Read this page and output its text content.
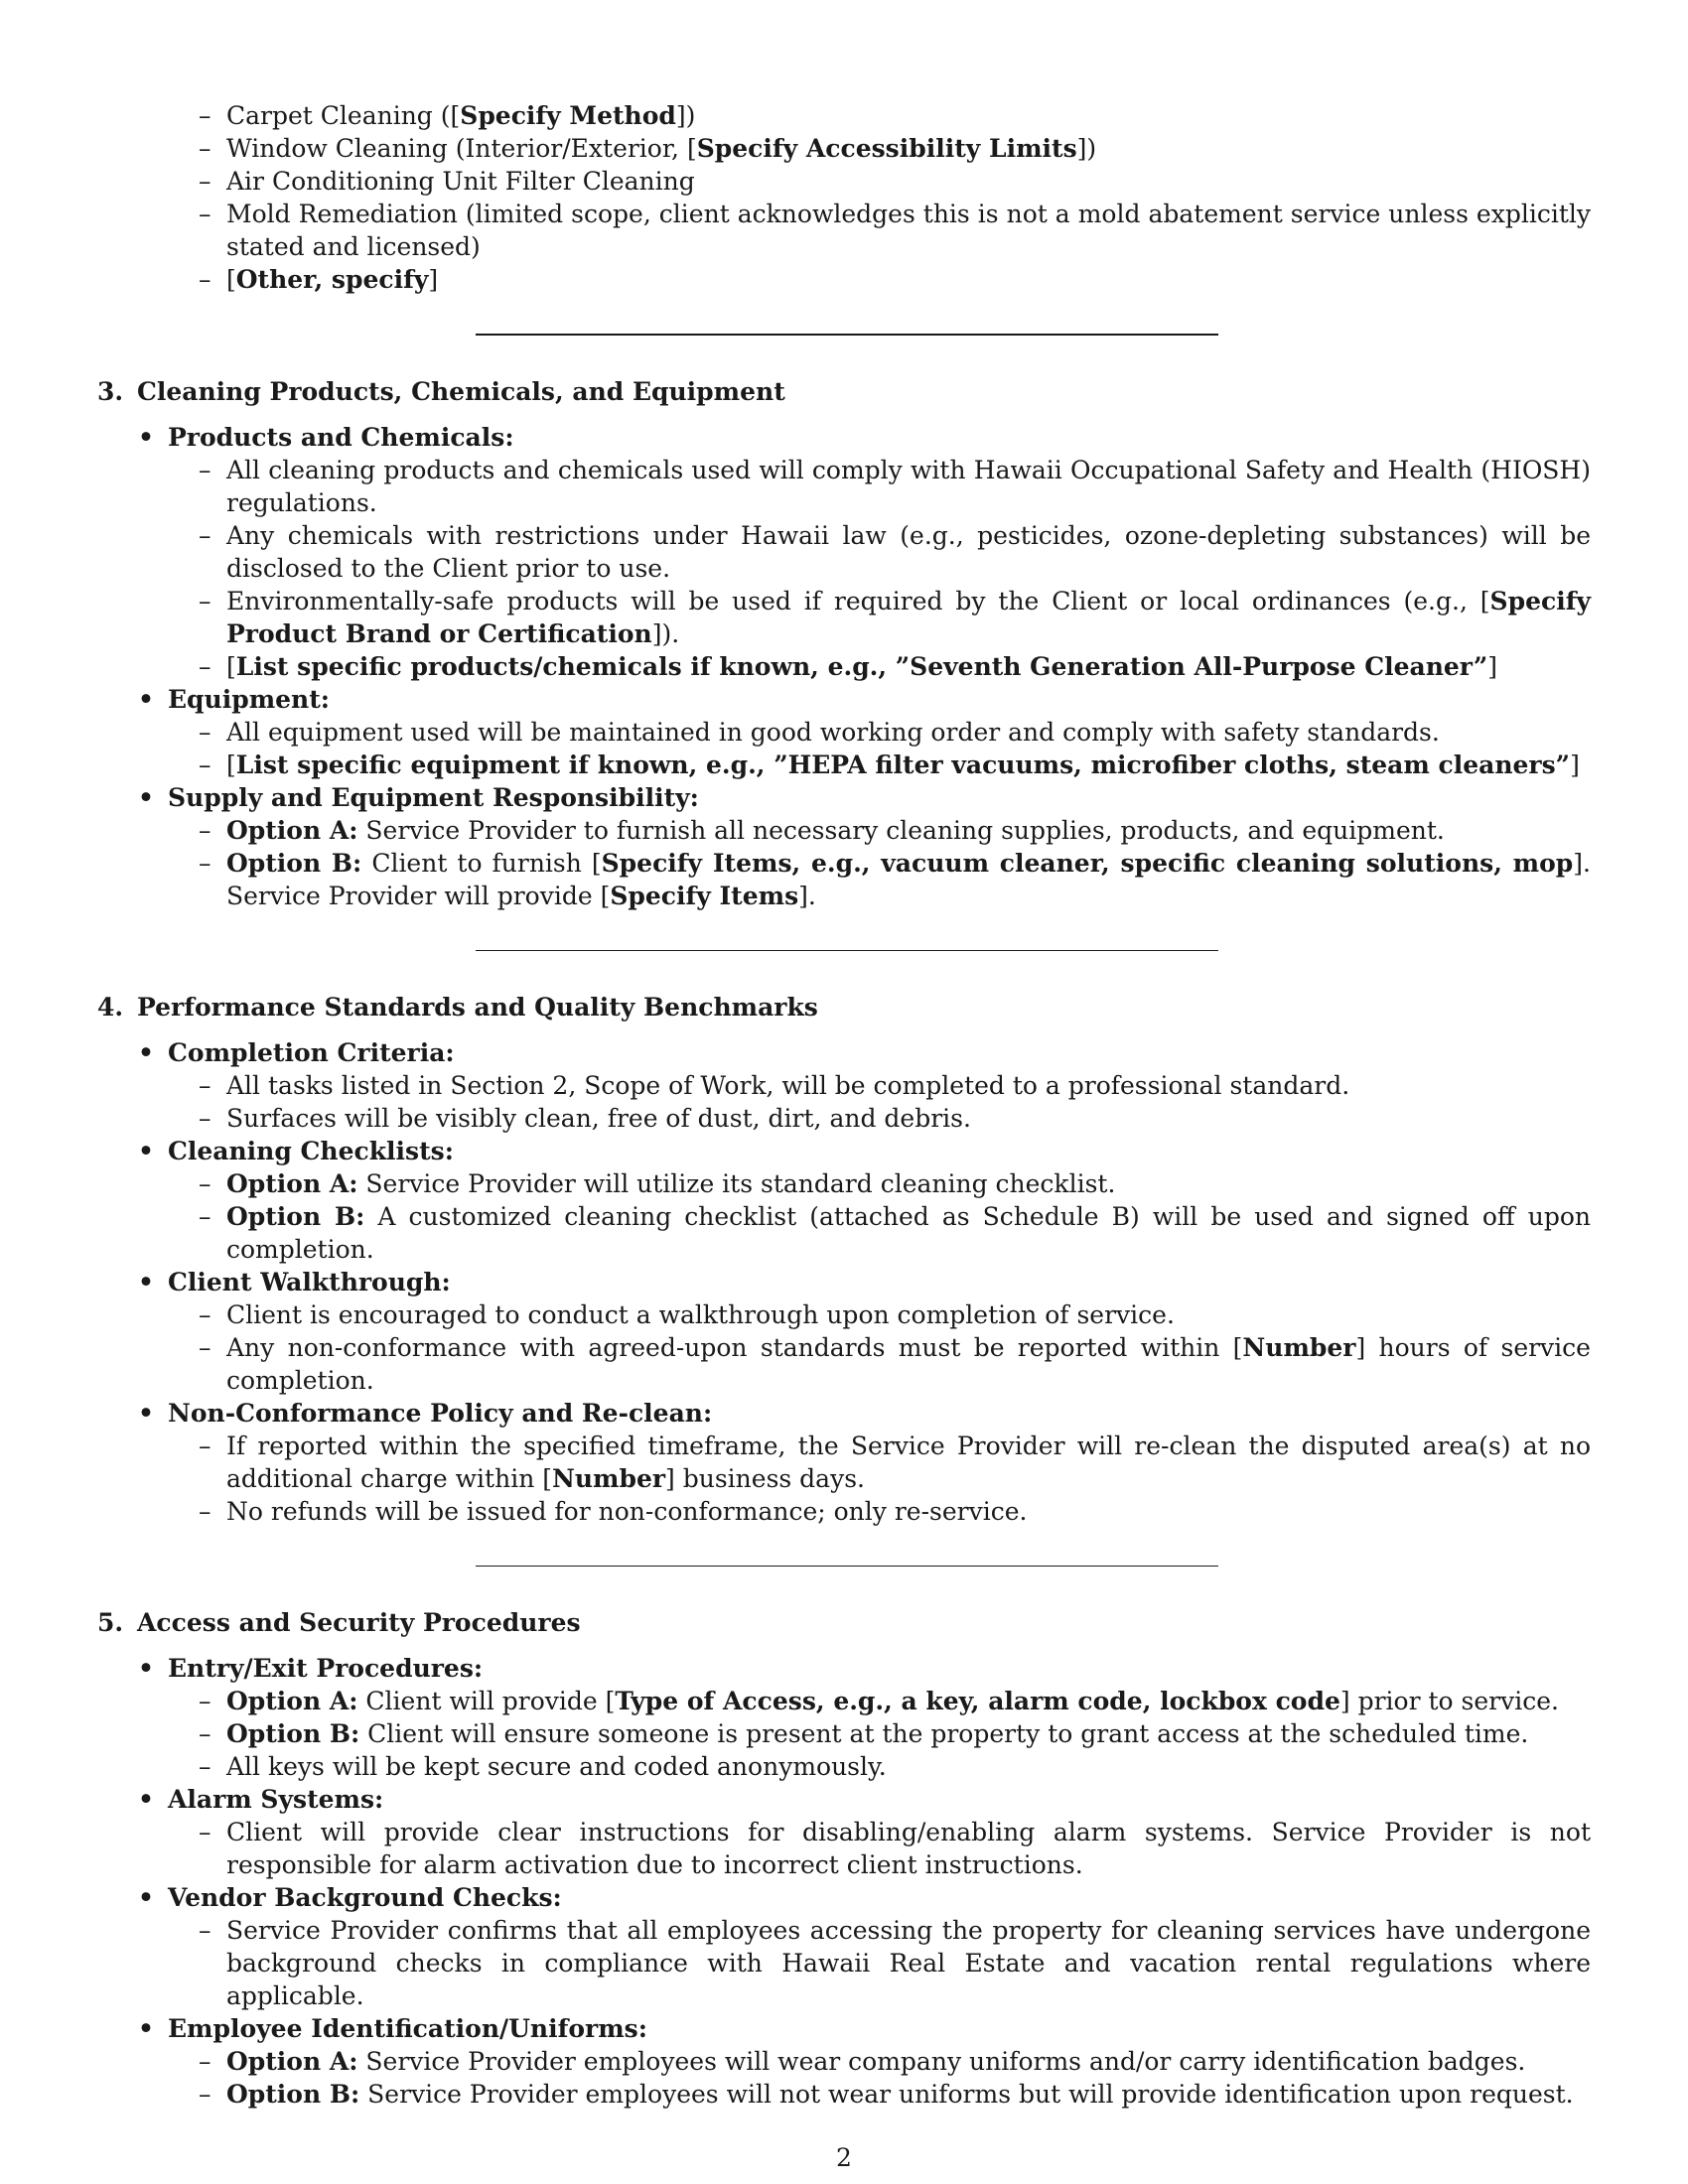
– Carpet Cleaning ([Specify Method])
– Window Cleaning (Interior/Exterior, [Specify Accessibility Limits])
– Air Conditioning Unit Filter Cleaning
– Mold Remediation (limited scope, client acknowledges this is not a mold abatement service unless explicitly stated and licensed)
– [Other, specify]
3. Cleaning Products, Chemicals, and Equipment
• Products and Chemicals:
– All cleaning products and chemicals used will comply with Hawaii Occupational Safety and Health (HIOSH) regulations.
– Any chemicals with restrictions under Hawaii law (e.g., pesticides, ozone-depleting substances) will be disclosed to the Client prior to use.
– Environmentally-safe products will be used if required by the Client or local ordinances (e.g., [Specify Product Brand or Certification]).
– [List specific products/chemicals if known, e.g., ”Seventh Generation All-Purpose Cleaner”]
• Equipment:
– All equipment used will be maintained in good working order and comply with safety standards.
– [List specific equipment if known, e.g., ”HEPA filter vacuums, microfiber cloths, steam cleaners”]
• Supply and Equipment Responsibility:
– Option A: Service Provider to furnish all necessary cleaning supplies, products, and equipment.
– Option B: Client to furnish [Specify Items, e.g., vacuum cleaner, specific cleaning solutions, mop]. Service Provider will provide [Specify Items].
4. Performance Standards and Quality Benchmarks
• Completion Criteria:
– All tasks listed in Section 2, Scope of Work, will be completed to a professional standard.
– Surfaces will be visibly clean, free of dust, dirt, and debris.
• Cleaning Checklists:
– Option A: Service Provider will utilize its standard cleaning checklist.
– Option B: A customized cleaning checklist (attached as Schedule B) will be used and signed off upon completion.
• Client Walkthrough:
– Client is encouraged to conduct a walkthrough upon completion of service.
– Any non-conformance with agreed-upon standards must be reported within [Number] hours of service completion.
• Non-Conformance Policy and Re-clean:
– If reported within the specified timeframe, the Service Provider will re-clean the disputed area(s) at no additional charge within [Number] business days.
– No refunds will be issued for non-conformance; only re-service.
5. Access and Security Procedures
• Entry/Exit Procedures:
– Option A: Client will provide [Type of Access, e.g., a key, alarm code, lockbox code] prior to service.
– Option B: Client will ensure someone is present at the property to grant access at the scheduled time.
– All keys will be kept secure and coded anonymously.
• Alarm Systems:
– Client will provide clear instructions for disabling/enabling alarm systems. Service Provider is not responsible for alarm activation due to incorrect client instructions.
• Vendor Background Checks:
– Service Provider confirms that all employees accessing the property for cleaning services have undergone background checks in compliance with Hawaii Real Estate and vacation rental regulations where applicable.
• Employee Identification/Uniforms:
– Option A: Service Provider employees will wear company uniforms and/or carry identification badges.
– Option B: Service Provider employees will not wear uniforms but will provide identification upon request.
2
